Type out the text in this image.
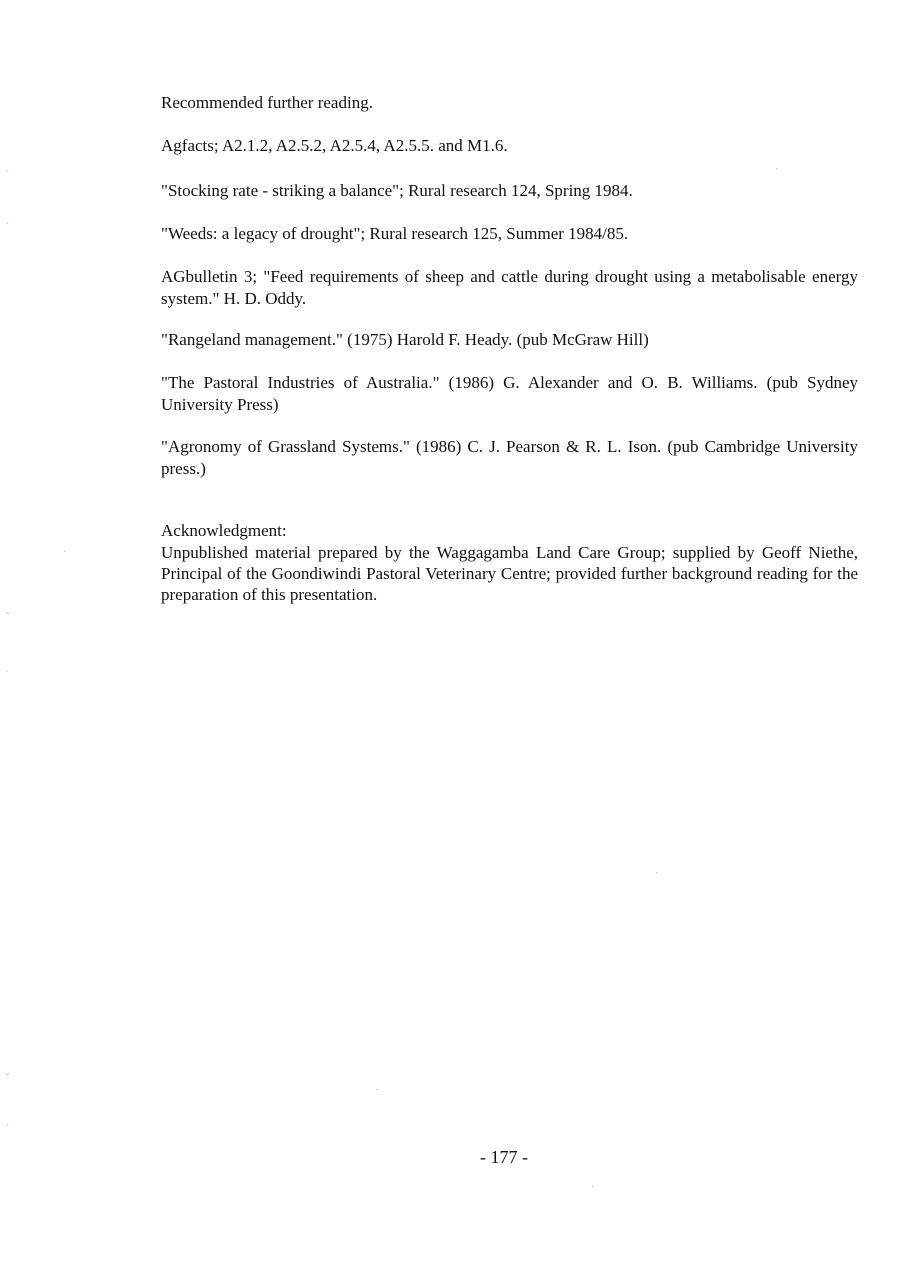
Recommended further reading.

Agfacts; A2.1.2, A2.5.2, A2.5.4, A2.5.5. and M1.6.

"Stocking rate - striking a balance"; Rural research 124, Spring 1984.

"Weeds: a legacy of drought"; Rural research 125, Summer 1984/85.

AGbulletin 3; "Feed requirements of sheep and cattle during drought using a metabolisable energy system." H. D. Oddy.

"Rangeland management." (1975) Harold F. Heady. (pub McGraw Hill)

"The Pastoral Industries of Australia." (1986) G. Alexander and O. B. Williams. (pub Sydney University Press)

"Agronomy of Grassland Systems." (1986) C. J. Pearson & R. L. Ison. (pub Cambridge University press.)

Acknowledgment:

Unpublished material prepared by the Waggagamba Land Care Group; supplied by Geoff Niethe, Principal of the Goondiwindi Pastoral Veterinary Centre; provided further background reading for the preparation of this presentation.

- 177 -

ˊ
ˊ
ˆ
ˌ
ˇ
ˊ
